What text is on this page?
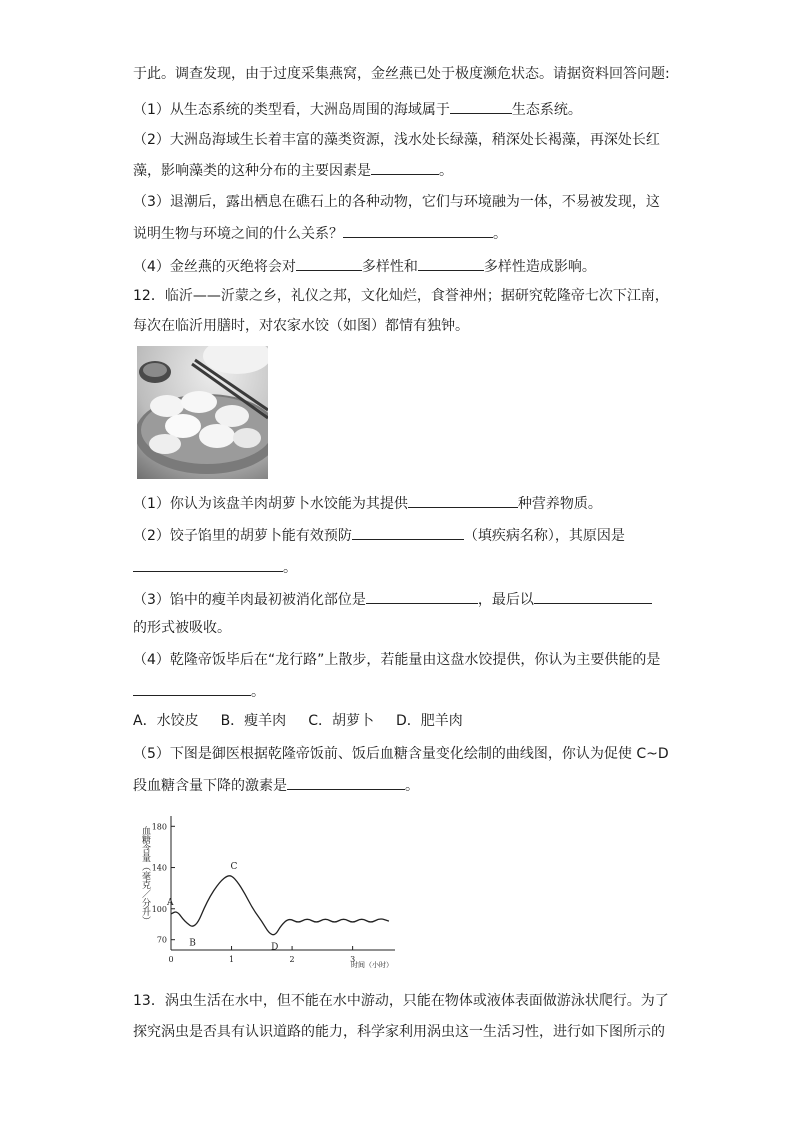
于此。调查发现，由于过度采集燕窝，金丝燕已处于极度濒危状态。请据资料回答问题:
（1）从生态系统的类型看，大洲岛周围的海域属于	生态系统。
（2）大洲岛海域生长着丰富的藻类资源，浅水处长绿藻，稍深处长褐藻，再深处长红
藻，影响藻类的这种分布的主要因素是	。
（3）退潮后，露出栖息在礁石上的各种动物，它们与环境融为一体，不易被发现，这
说明生物与环境之间的什么关系？	。
（4）金丝燕的灭绝将会对	多样性和	多样性造成影响。
12．临沂——沂蒙之乡，礼仪之邦，文化灿烂，食誉神州；据研究乾隆帝七次下江南，
每次在临沂用膳时，对农家水饺（如图）都情有独钟。
（1）你认为该盘羊肉胡萝卜水饺能为其提供	种营养物质。
（2）饺子馅里的胡萝卜能有效预防	（填疾病名称），其原因是
。
（3）馅中的瘦羊肉最初被消化部位是	，最后以
的形式被吸收。
（4）乾隆帝饭毕后在“龙行路”上散步，若能量由这盘水饺提供，你认为主要供能的是
。
A．水饺皮 B．瘦羊肉 C．胡萝卜 D．肥羊肉
（5）下图是御医根据乾隆帝饭前、饭后血糖含量变化绘制的曲线图，你认为促使 C~D
段血糖含量下降的激素是	。
血糖含量（毫克／分升）
时间（小时）
70
100
140
180
0	1	2	3
A
B
C
D
13．涡虫生活在水中，但不能在水中游动，只能在物体或液体表面做游泳状爬行。为了
探究涡虫是否具有认识道路的能力，科学家利用涡虫这一生活习性，进行如下图所示的
